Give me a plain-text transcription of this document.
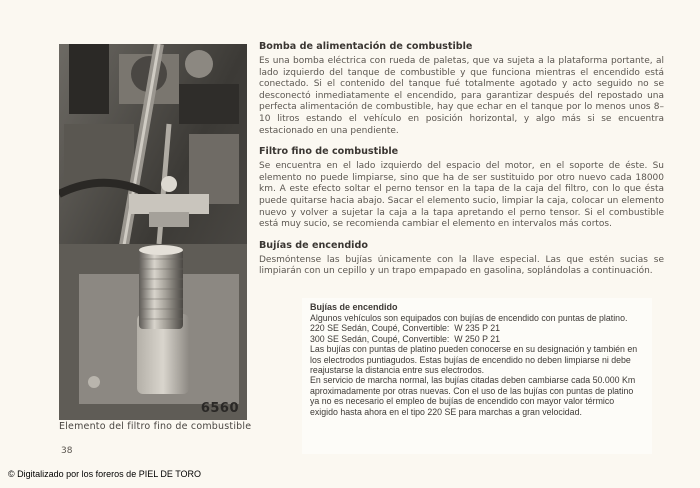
6560
Elemento del filtro fino de combustible

Bomba de alimentación de combustible

Es una bomba eléctrica con rueda de paletas, que va sujeta a la plataforma portante, al lado izquierdo del tanque de combustible y que funciona mientras el encendido está conectado. Si el contenido del tanque fué totalmente agotado y acto seguido no se desconectó inmediatamente el encendido, para garantizar después del repostado una perfecta alimentación de combustible, hay que echar en el tanque por lo menos unos 8–10 litros estando el vehículo en posición horizontal, y algo más si se encuentra estacionado en una pendiente.

Filtro fino de combustible

Se encuentra en el lado izquierdo del espacio del motor, en el soporte de éste. Su elemento no puede limpiarse, sino que ha de ser sustituido por otro nuevo cada 18000 km. A este efecto soltar el perno tensor en la tapa de la caja del filtro, con lo que ésta puede quitarse hacia abajo. Sacar el elemento sucio, limpiar la caja, colocar un elemento nuevo y volver a sujetar la caja a la tapa apretando el perno tensor. Si el combustible está muy sucio, se recomienda cambiar el elemento en intervalos más cortos.

Bujías de encendido

Desmóntense las bujías únicamente con la llave especial. Las que estén sucias se limpiarán con un cepillo y un trapo empapado en gasolina, soplándolas a continuación.

Bujías de encendido

Algunos vehículos son equipados con bujías de encendido con puntas de platino.

220 SE Sedán, Coupé, Convertible:  W 235 P 21

300 SE Sedán, Coupé, Convertible:  W 250 P 21

Las bujías con puntas de platino pueden conocerse en su designación y también en los electrodos puntiagudos. Estas bujías de encendido no deben limpiarse ni debe reajustarse la distancia entre sus electrodos.

En servicio de marcha normal, las bujías citadas deben cambiarse cada 50.000 Km aproximadamente por otras nuevas. Con el uso de las bujías con puntas de platino ya no es necesario el empleo de bujías de encendido con mayor valor térmico exigido hasta ahora en el tipo 220 SE para marchas a gran velocidad.

38
© Digitalizado por los foreros de PIEL DE TORO
